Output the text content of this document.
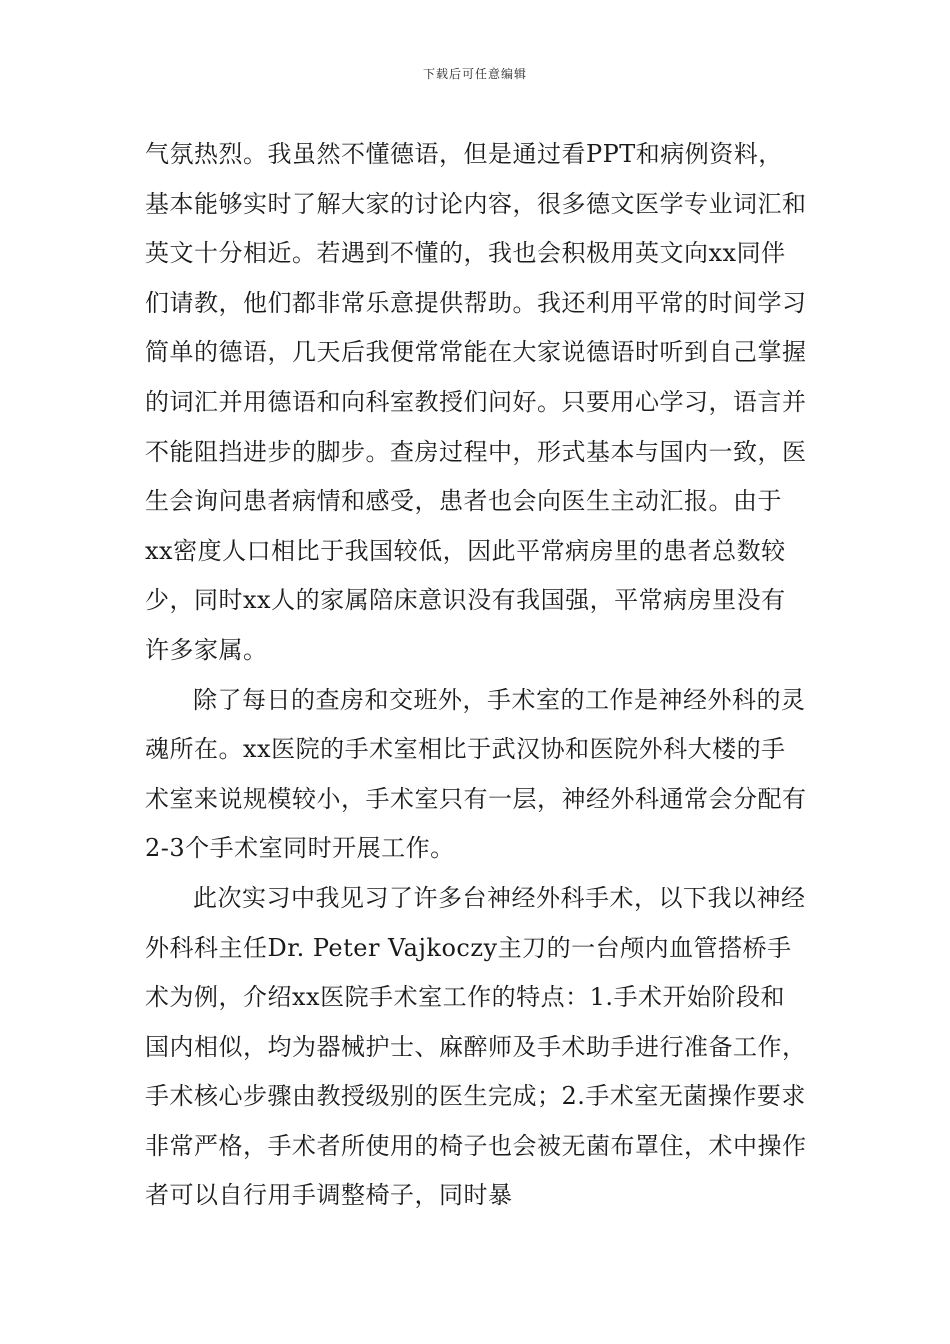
下载后可任意编辑

气氛热烈。我虽然不懂德语，但是通过看PPT和病例资料，基本能够实时了解大家的讨论内容，很多德文医学专业词汇和英文十分相近。若遇到不懂的，我也会积极用英文向xx同伴们请教，他们都非常乐意提供帮助。我还利用平常的时间学习简单的德语，几天后我便常常能在大家说德语时听到自己掌握的词汇并用德语和向科室教授们问好。只要用心学习，语言并不能阻挡进步的脚步。查房过程中，形式基本与国内一致，医生会询问患者病情和感受，患者也会向医生主动汇报。由于xx密度人口相比于我国较低，因此平常病房里的患者总数较少，同时xx人的家属陪床意识没有我国强，平常病房里没有许多家属。

除了每日的查房和交班外，手术室的工作是神经外科的灵魂所在。xx医院的手术室相比于武汉协和医院外科大楼的手术室来说规模较小，手术室只有一层，神经外科通常会分配有2-3个手术室同时开展工作。

此次实习中我见习了许多台神经外科手术，以下我以神经外科科主任Dr. Peter Vajkoczy主刀的一台颅内血管搭桥手术为例，介绍xx医院手术室工作的特点：1.手术开始阶段和国内相似，均为器械护士、麻醉师及手术助手进行准备工作，手术核心步骤由教授级别的医生完成；2.手术室无菌操作要求非常严格，手术者所使用的椅子也会被无菌布罩住，术中操作者可以自行用手调整椅子，同时暴
